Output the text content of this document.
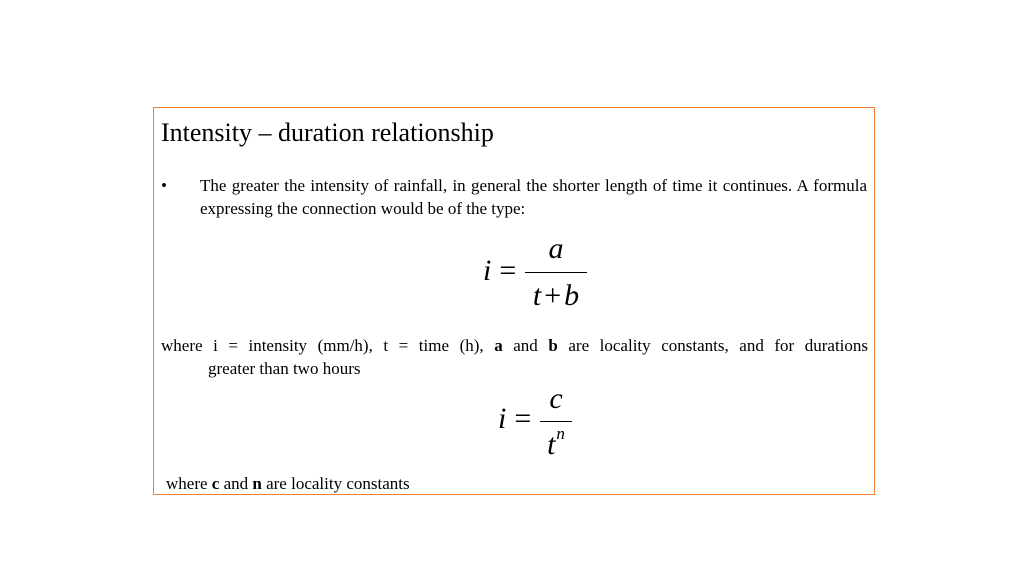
Intensity – duration relationship
• The greater the intensity of rainfall, in general the shorter length of time it continues. A formula expressing the connection would be of the type:
i =
a
t + b
where i = intensity (mm/h), t = time (h), a and b are locality constants, and for durations
greater than two hours
i =
c
$t^n$
where c and n are locality constants
